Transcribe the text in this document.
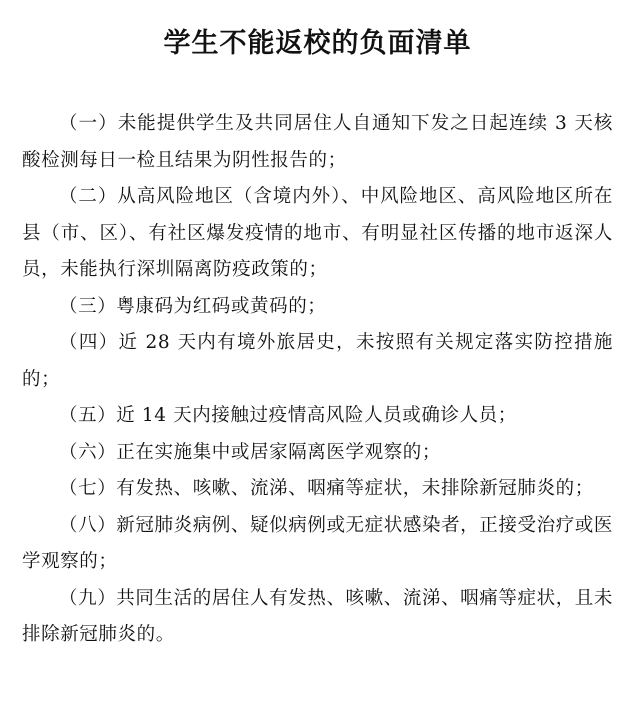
学生不能返校的负面清单

（一）未能提供学生及共同居住人自通知下发之日起连续 3 天核酸检测每日一检且结果为阴性报告的；

（二）从高风险地区（含境内外）、中风险地区、高风险地区所在县（市、区）、有社区爆发疫情的地市、有明显社区传播的地市返深人员，未能执行深圳隔离防疫政策的；

（三）粤康码为红码或黄码的；

（四）近 28 天内有境外旅居史，未按照有关规定落实防控措施的；

（五）近 14 天内接触过疫情高风险人员或确诊人员；

（六）正在实施集中或居家隔离医学观察的；

（七）有发热、咳嗽、流涕、咽痛等症状，未排除新冠肺炎的；

（八）新冠肺炎病例、疑似病例或无症状感染者，正接受治疗或医学观察的；

（九）共同生活的居住人有发热、咳嗽、流涕、咽痛等症状，且未排除新冠肺炎的。
